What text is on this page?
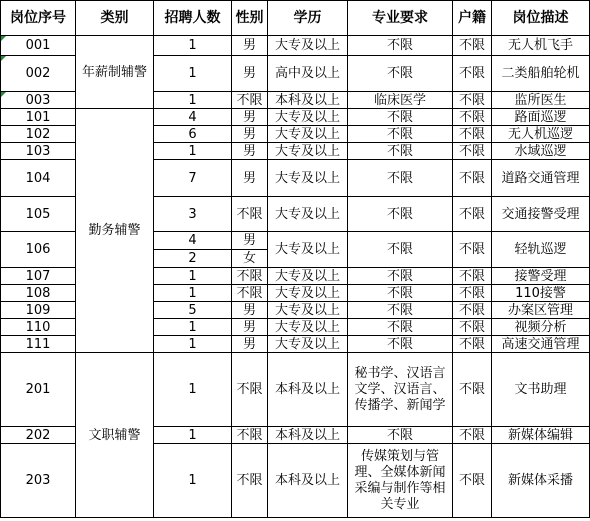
岗位序号	类别	招聘人数	性别	学历	专业要求	户籍	岗位描述
001	年薪制辅警	1	男	大专及以上	不限	不限	无人机飞手
002		1	男	高中及以上	不限	不限	二类船舶轮机
003		1	不限	本科及以上	临床医学	不限	监所医生
101	勤务辅警	4	男	大专及以上	不限	不限	路面巡逻
102		6	男	大专及以上	不限	不限	无人机巡逻
103		1	男	大专及以上	不限	不限	水域巡逻
104		7	男	大专及以上	不限	不限	道路交通管理
105		3	不限	大专及以上	不限	不限	交通接警受理
106		4	男	大专及以上	不限	不限	轻轨巡逻
		2	女				
107		1	不限	大专及以上	不限	不限	接警受理
108		1	不限	大专及以上	不限	不限	110接警
109		5	男	大专及以上	不限	不限	办案区管理
110		1	男	大专及以上	不限	不限	视频分析
111		1	男	大专及以上	不限	不限	高速交通管理
201	文职辅警	1	不限	本科及以上	秘书学、汉语言文学、汉语言、传播学、新闻学	不限	文书助理
202		1	不限	本科及以上	不限	不限	新媒体编辑
203		1	不限	本科及以上	传媒策划与管理、全媒体新闻采编与制作等相关专业	不限	新媒体采播
